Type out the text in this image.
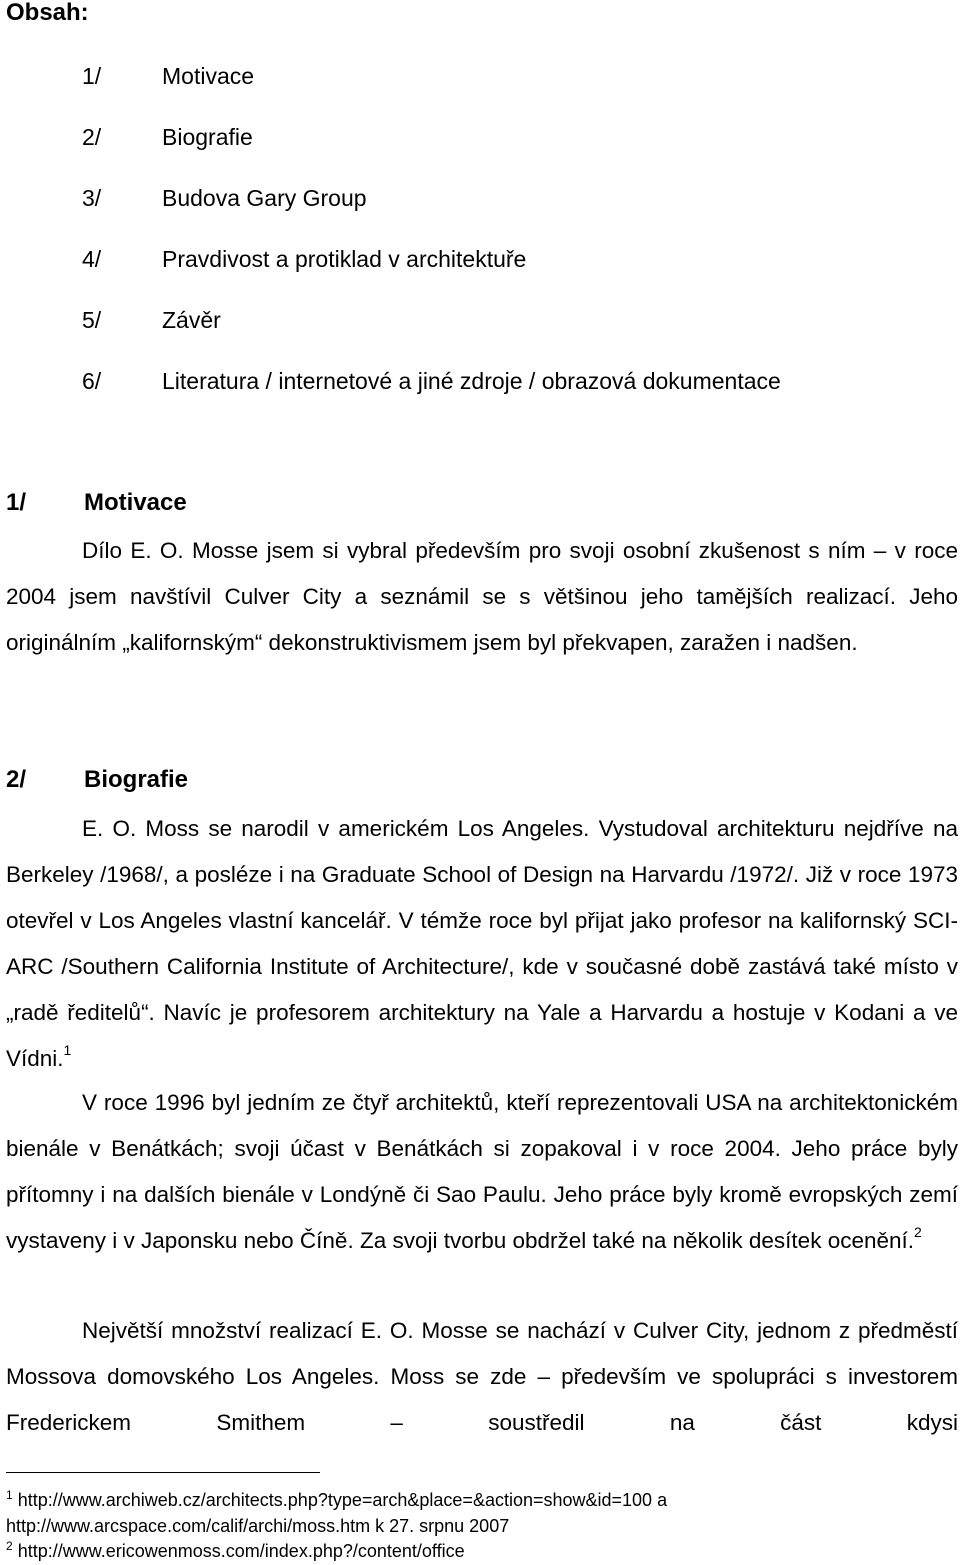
Obsah:
1/	Motivace
2/	Biografie
3/	Budova Gary Group
4/	Pravdivost a protiklad v architektuře
5/	Závěr
6/	Literatura / internetové a jiné zdroje / obrazová dokumentace
1/ Motivace

Dílo E. O. Mosse jsem si vybral především pro svoji osobní zkušenost s ním – v roce 2004 jsem navštívil Culver City a seznámil se s většinou jeho tamějších realizací. Jeho originálním „kalifornským“ dekonstruktivismem jsem byl překvapen, zaražen i nadšen.

2/ Biografie

E. O. Moss se narodil v americkém Los Angeles. Vystudoval architekturu nejdříve na Berkeley /1968/, a posléze i na Graduate School of Design na Harvardu /1972/. Již v roce 1973 otevřel v Los Angeles vlastní kancelář. V témže roce byl přijat jako profesor na kalifornský SCI-ARC /Southern California Institute of Architecture/, kde v současné době zastává také místo v „radě ředitelů“. Navíc je profesorem architektury na Yale a Harvardu a hostuje v Kodani a ve Vídni.$^1$

V roce 1996 byl jedním ze čtyř architektů, kteří reprezentovali USA na architektonickém bienále v Benátkách; svoji účast v Benátkách si zopakoval i v roce 2004. Jeho práce byly přítomny i na dalších bienále v Londýně či Sao Paulu. Jeho práce byly kromě evropských zemí vystaveny i v Japonsku nebo Číně. Za svoji tvorbu obdržel také na několik desítek ocenění.$^2$

Největší množství realizací E. O. Mosse se nachází v Culver City, jednom z předměstí Mossova domovského Los Angeles. Moss se zde – především ve spolupráci s investorem Frederickem Smithem – soustředil na část kdysi

$^1$ http://www.archiweb.cz/architects.php?type=arch&place=&action=show&id=100 a

http://www.arcspace.com/calif/archi/moss.htm k 27. srpnu 2007

$^2$ http://www.ericowenmoss.com/index.php?/content/office
